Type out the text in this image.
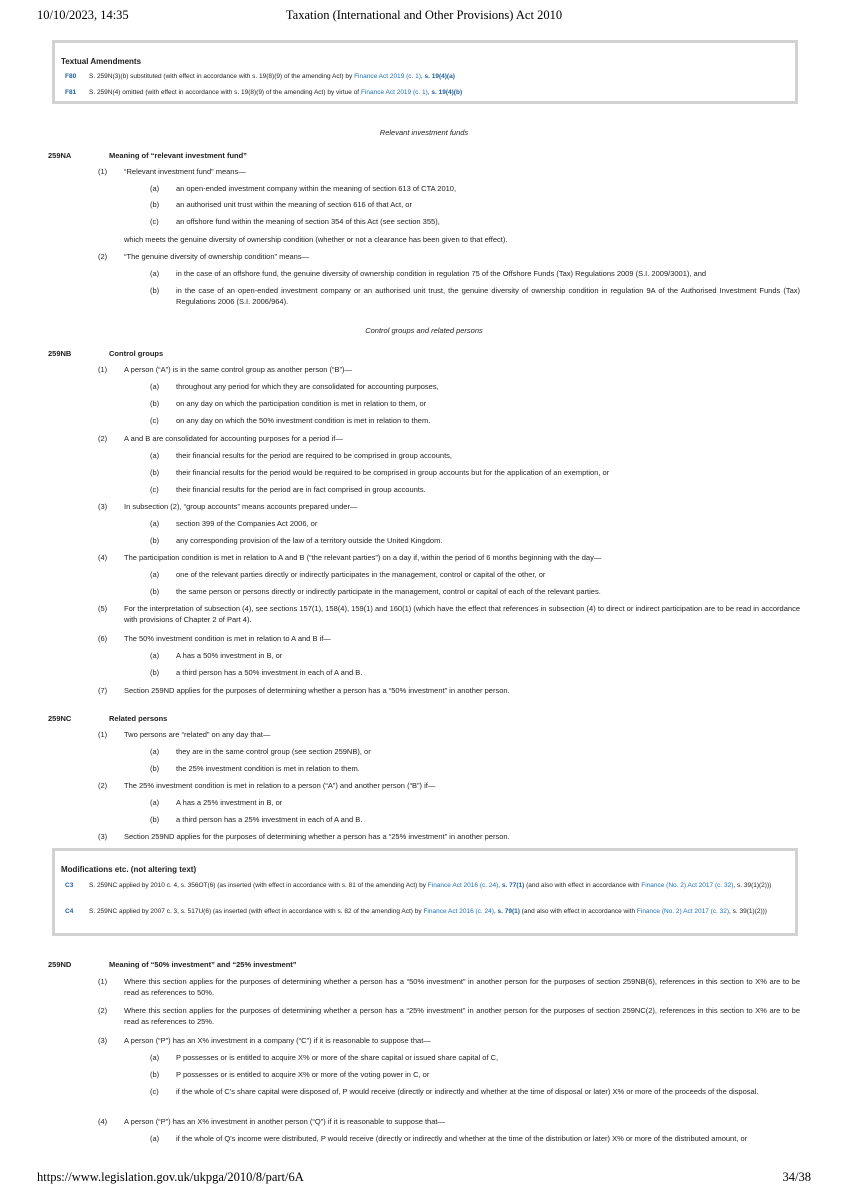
10/10/2023, 14:35	Taxation (International and Other Provisions) Act 2010
Textual Amendments
F80 S. 259N(3)(b) substituted (with effect in accordance with s. 19(8)(9) of the amending Act) by Finance Act 2019 (c. 1), s. 19(4)(a)
F81 S. 259N(4) omitted (with effect in accordance with s. 19(8)(9) of the amending Act) by virtue of Finance Act 2019 (c. 1), s. 19(4)(b)
Relevant investment funds
259NA	Meaning of “relevant investment fund”
(1) “Relevant investment fund” means—
(a) an open-ended investment company within the meaning of section 613 of CTA 2010,
(b) an authorised unit trust within the meaning of section 616 of that Act, or
(c) an offshore fund within the meaning of section 354 of this Act (see section 355),
which meets the genuine diversity of ownership condition (whether or not a clearance has been given to that effect).
(2) “The genuine diversity of ownership condition” means—
(a) in the case of an offshore fund, the genuine diversity of ownership condition in regulation 75 of the Offshore Funds (Tax) Regulations 2009 (S.I. 2009/3001), and
(b) in the case of an open-ended investment company or an authorised unit trust, the genuine diversity of ownership condition in regulation 9A of the Authorised Investment Funds (Tax) Regulations 2006 (S.I. 2006/964).
Control groups and related persons
259NB	Control groups
(1) A person (“A”) is in the same control group as another person (“B”)—
(a) throughout any period for which they are consolidated for accounting purposes,
(b) on any day on which the participation condition is met in relation to them, or
(c) on any day on which the 50% investment condition is met in relation to them.
(2) A and B are consolidated for accounting purposes for a period if—
(a) their financial results for the period are required to be comprised in group accounts,
(b) their financial results for the period would be required to be comprised in group accounts but for the application of an exemption, or
(c) their financial results for the period are in fact comprised in group accounts.
(3) In subsection (2), “group accounts” means accounts prepared under—
(a) section 399 of the Companies Act 2006, or
(b) any corresponding provision of the law of a territory outside the United Kingdom.
(4) The participation condition is met in relation to A and B (“the relevant parties”) on a day if, within the period of 6 months beginning with the day—
(a) one of the relevant parties directly or indirectly participates in the management, control or capital of the other, or
(b) the same person or persons directly or indirectly participate in the management, control or capital of each of the relevant parties.
(5) For the interpretation of subsection (4), see sections 157(1), 158(4), 159(1) and 160(1) (which have the effect that references in subsection (4) to direct or indirect participation are to be read in accordance with provisions of Chapter 2 of Part 4).
(6) The 50% investment condition is met in relation to A and B if—
(a) A has a 50% investment in B, or
(b) a third person has a 50% investment in each of A and B.
(7) Section 259ND applies for the purposes of determining whether a person has a “50% investment” in another person.
259NC	Related persons
(1) Two persons are “related” on any day that—
(a) they are in the same control group (see section 259NB), or
(b) the 25% investment condition is met in relation to them.
(2) The 25% investment condition is met in relation to a person (“A”) and another person (“B”) if—
(a) A has a 25% investment in B, or
(b) a third person has a 25% investment in each of A and B.
(3) Section 259ND applies for the purposes of determining whether a person has a “25% investment” in another person.
Modifications etc. (not altering text)
C3 S. 259NC applied by 2010 c. 4, s. 356OT(6) (as inserted (with effect in accordance with s. 81 of the amending Act) by Finance Act 2016 (c. 24), s. 77(1) (and also with effect in accordance with Finance (No. 2) Act 2017 (c. 32), s. 39(1)(2)))
C4 S. 259NC applied by 2007 c. 3, s. 517U(6) (as inserted (with effect in accordance with s. 82 of the amending Act) by Finance Act 2016 (c. 24), s. 79(1) (and also with effect in accordance with Finance (No. 2) Act 2017 (c. 32), s. 39(1)(2)))
259ND	Meaning of “50% investment” and “25% investment”
(1) Where this section applies for the purposes of determining whether a person has a “50% investment” in another person for the purposes of section 259NB(6), references in this section to X% are to be read as references to 50%.
(2) Where this section applies for the purposes of determining whether a person has a “25% investment” in another person for the purposes of section 259NC(2), references in this section to X% are to be read as references to 25%.
(3) A person (“P”) has an X% investment in a company (“C”) if it is reasonable to suppose that—
(a) P possesses or is entitled to acquire X% or more of the share capital or issued share capital of C,
(b) P possesses or is entitled to acquire X% or more of the voting power in C, or
(c) if the whole of C's share capital were disposed of, P would receive (directly or indirectly and whether at the time of disposal or later) X% or more of the proceeds of the disposal.
(4) A person (“P”) has an X% investment in another person (“Q”) if it is reasonable to suppose that—
(a) if the whole of Q's income were distributed, P would receive (directly or indirectly and whether at the time of the distribution or later) X% or more of the distributed amount, or
https://www.legislation.gov.uk/ukpga/2010/8/part/6A	34/38
